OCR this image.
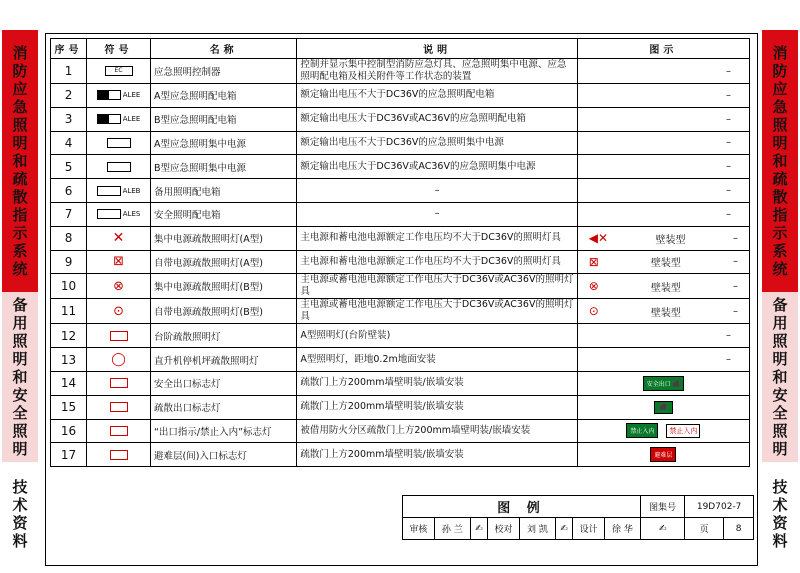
消防应急照明和疏散指示系统
备用照明和安全照明
技术资料
消防应急照明和疏散指示系统
备用照明和安全照明
技术资料
序号	符号	名称	说明	图示
1	EC	应急照明控制器	控制并显示集中控制型消防应急灯具、应急照明集中电源、应急照明配电箱及相关附件等工作状态的装置	–
2	ALEE	A型应急照明配电箱	额定输出电压不大于DC36V的应急照明配电箱	–
3	ALEE	B型应急照明配电箱	额定输出电压大于DC36V或AC36V的应急照明配电箱	–
4		A型应急照明集中电源	额定输出电压不大于DC36V的应急照明集中电源	–
5		B型应急照明集中电源	额定输出电压大于DC36V或AC36V的应急照明集中电源	–
6	ALEB	备用照明配电箱	–	–
7	ALES	安全照明配电箱	–	–
8	✕	集中电源疏散照明灯(A型)	主电源和蓄电池电源额定工作电压均不大于DC36V的照明灯具	◀✕ 壁装型 –

9	⊠	自带电源疏散照明灯(A型)	主电源和蓄电池电源额定工作电压均不大于DC36V的照明灯具	⊠ 壁装型 –

10	⊗	集中电源疏散照明灯(B型)	主电源或蓄电池电源额定工作电压大于DC36V或AC36V的照明灯具	⊗ 壁装型 –

11	⊙	自带电源疏散照明灯(B型)	主电源或蓄电池电源额定工作电压大于DC36V或AC36V的照明灯具	⊙ 壁装型 –

12		台阶疏散照明灯	A型照明灯(台阶壁装)	–
13	◯	直升机停机坪疏散照明灯	A型照明灯，距地0.2m地面安装	–
14		安全出口标志灯	疏散门上方200mm墙壁明装/嵌墙安装	安全出口 ⬛

15		疏散出口标志灯	疏散门上方200mm墙壁明装/嵌墙安装	⬛

16		“出口指示/禁止入内”标志灯	被借用防火分区疏散门上方200mm墙壁明装/嵌墙安装	禁止入内 禁止入内

17		避难层(间)入口标志灯	疏散门上方200mm墙壁明装/嵌墙安装	避难层
图 例								图集号	19D702-7	
审核	孙 兰	✍	校对	刘 凯	✍	设计	徐 华	✍	页	8
